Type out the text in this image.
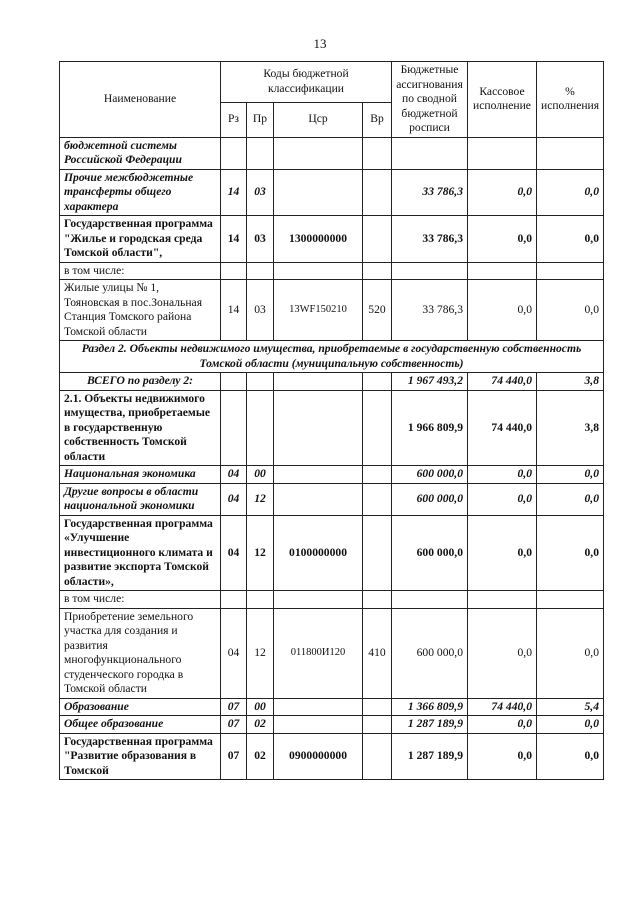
13
Наименование	Коды бюджетной классификации				Бюджетные ассигнования по сводной бюджетной росписи	Кассовое исполнение	% исполнения
	Рз	Пр	Цср	Вр			
бюджетной системы Российской Федерации							
Прочие межбюджетные трансферты общего характера	14	03			33 786,3	0,0	0,0
Государственная программа "Жилье и городская среда Томской области",	14	03	1300000000		33 786,3	0,0	0,0
в том числе:							
Жилые улицы № 1, Тояновская в пос.Зональная Станция Томского района Томской области	14	03	13WF150210	520	33 786,3	0,0	0,0
Раздел 2. Объекты недвижимого имущества, приобретаемые в государственную собственность Томской области (муниципальную собственность)							
ВСЕГО по разделу 2:					1 967 493,2	74 440,0	3,8
2.1. Объекты недвижимого имущества, приобретаемые в государственную собственность Томской области					1 966 809,9	74 440,0	3,8
Национальная экономика	04	00			600 000,0	0,0	0,0
Другие вопросы в области национальной экономики	04	12			600 000,0	0,0	0,0
Государственная программа «Улучшение инвестиционного климата и развитие экспорта Томской области»,	04	12	0100000000		600 000,0	0,0	0,0
в том числе:							
Приобретение земельного участка для создания и развития многофункционального студенческого городка в Томской области	04	12	011800И120	410	600 000,0	0,0	0,0
Образование	07	00			1 366 809,9	74 440,0	5,4
Общее образование	07	02			1 287 189,9	0,0	0,0
Государственная программа "Развитие образования в Томской	07	02	0900000000		1 287 189,9	0,0	0,0
